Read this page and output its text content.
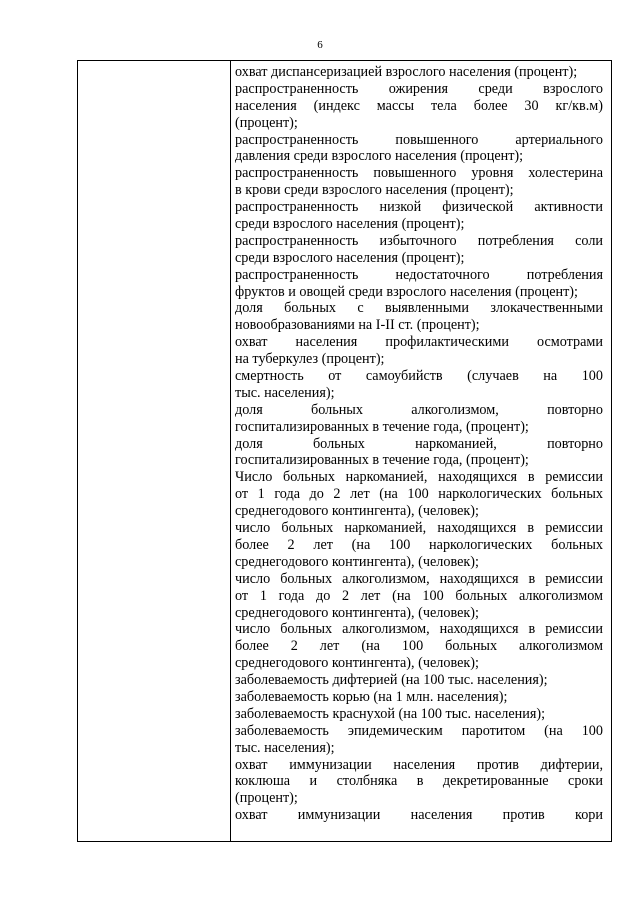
6
охват диспансеризацией взрослого населения (процент);
распространенность ожирения среди взрослого
населения (индекс массы тела более 30 кг/кв.м)
(процент);
распространенность повышенного артериального
давления среди взрослого населения (процент);
распространенность повышенного уровня холестерина
в крови среди взрослого населения (процент);
распространенность низкой физической активности
среди взрослого населения (процент);
распространенность избыточного потребления соли
среди взрослого населения (процент);
распространенность недостаточного потребления
фруктов и овощей среди взрослого населения (процент);
доля больных с выявленными злокачественными
новообразованиями на I-II ст. (процент);
охват населения профилактическими осмотрами
на туберкулез (процент);
смертность от самоубийств (случаев на 100
тыс. населения);
доля больных алкоголизмом, повторно
госпитализированных в течение года, (процент);
доля больных наркоманией, повторно
госпитализированных в течение года, (процент);
Число больных наркоманией, находящихся в ремиссии
от 1 года до 2 лет (на 100 наркологических больных
среднегодового контингента), (человек);
число больных наркоманией, находящихся в ремиссии
более 2 лет (на 100 наркологических больных
среднегодового контингента), (человек);
число больных алкоголизмом, находящихся в ремиссии
от 1 года до 2 лет (на 100 больных алкоголизмом
среднегодового контингента), (человек);
число больных алкоголизмом, находящихся в ремиссии
более 2 лет (на 100 больных алкоголизмом
среднегодового контингента), (человек);
заболеваемость дифтерией (на 100 тыс. населения);
заболеваемость корью (на 1 млн. населения);
заболеваемость краснухой (на 100 тыс. населения);
заболеваемость эпидемическим паротитом (на 100
тыс. населения);
охват иммунизации населения против дифтерии,
коклюша и столбняка в декретированные сроки
(процент);
охват иммунизации населения против кори
